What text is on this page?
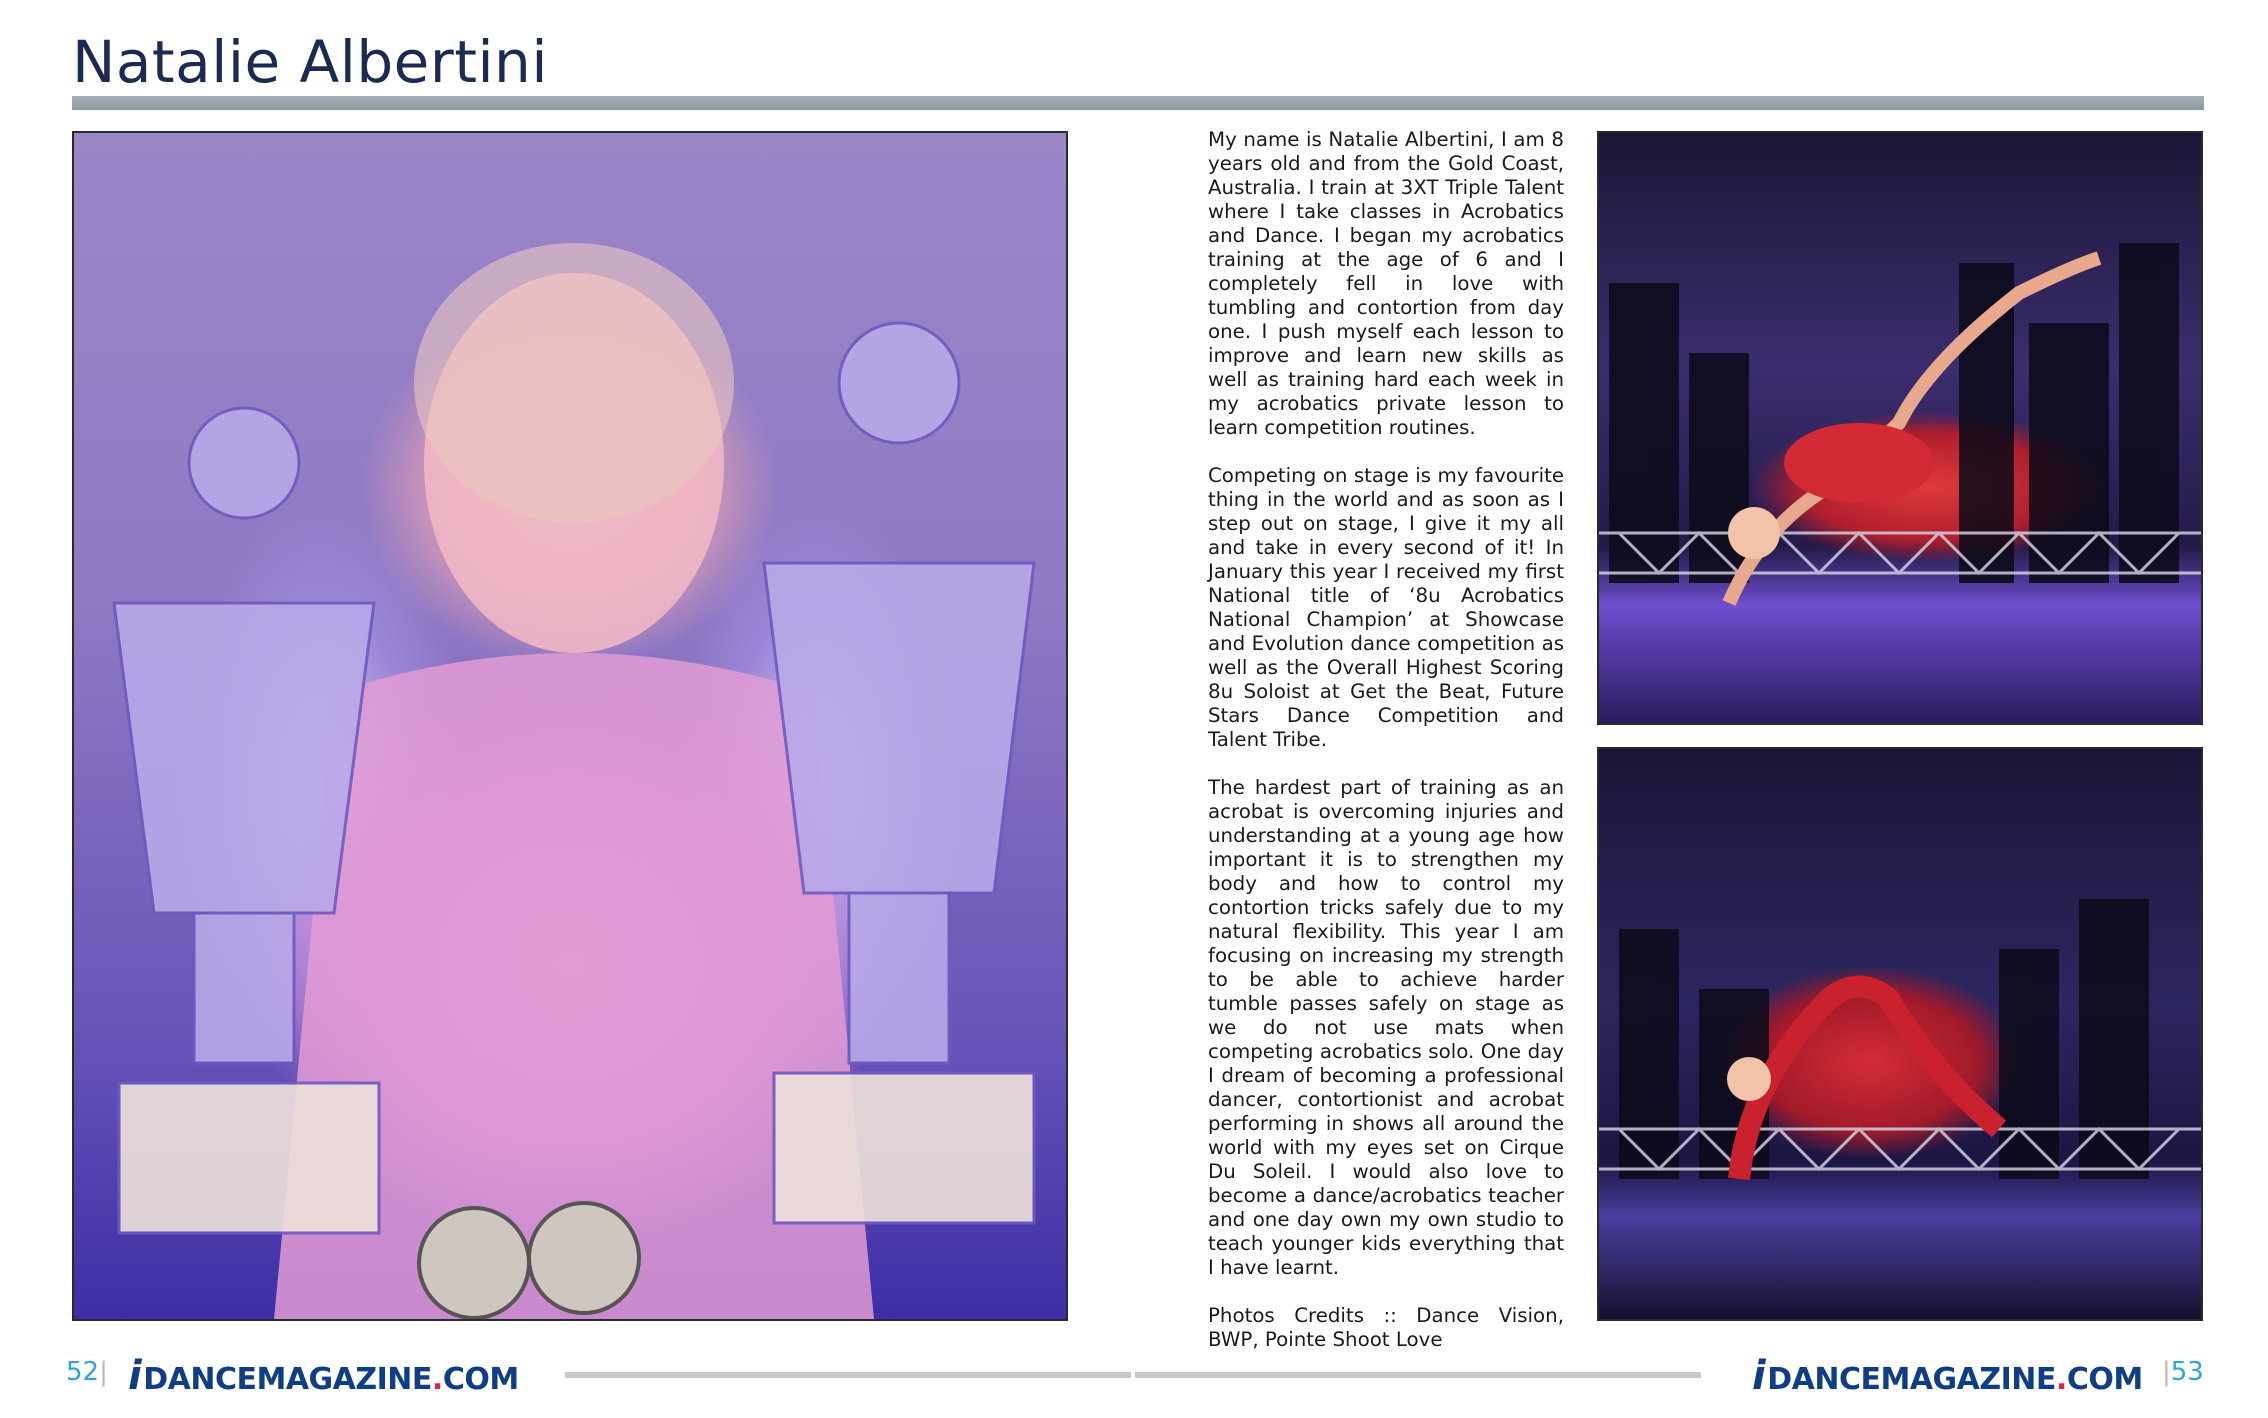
Natalie Albertini

My name is Natalie Albertini, I am 8 years old and from the Gold Coast, Australia. I train at 3XT Triple Talent where I take classes in Acrobatics and Dance. I began my acrobatics training at the age of 6 and I completely fell in love with tumbling and contortion from day one. I push myself each lesson to improve and learn new skills as well as training hard each week in my acrobatics private lesson to learn competition routines.

Competing on stage is my favourite thing in the world and as soon as I step out on stage, I give it my all and take in every second of it! In January this year I received my first National title of ‘8u Acrobatics National Champion’ at Showcase and Evolution dance competition as well as the Overall Highest Scoring 8u Soloist at Get the Beat, Future Stars Dance Competition and Talent Tribe.

The hardest part of training as an acrobat is overcoming injuries and understanding at a young age how important it is to strengthen my body and how to control my contortion tricks safely due to my natural flexibility. This year I am focusing on increasing my strength to be able to achieve harder tumble passes safely on stage as we do not use mats when competing acrobatics solo. One day I dream of becoming a professional dancer, contortionist and acrobat performing in shows all around the world with my eyes set on Cirque Du Soleil. I would also love to become a dance/acrobatics teacher and one day own my own studio to teach younger kids everything that I have learnt.

Photos Credits :: Dance Vision, BWP, Pointe Shoot Love

52| i DANCE MAGAZINE . COM	i DANCE MAGAZINE . COM |53
